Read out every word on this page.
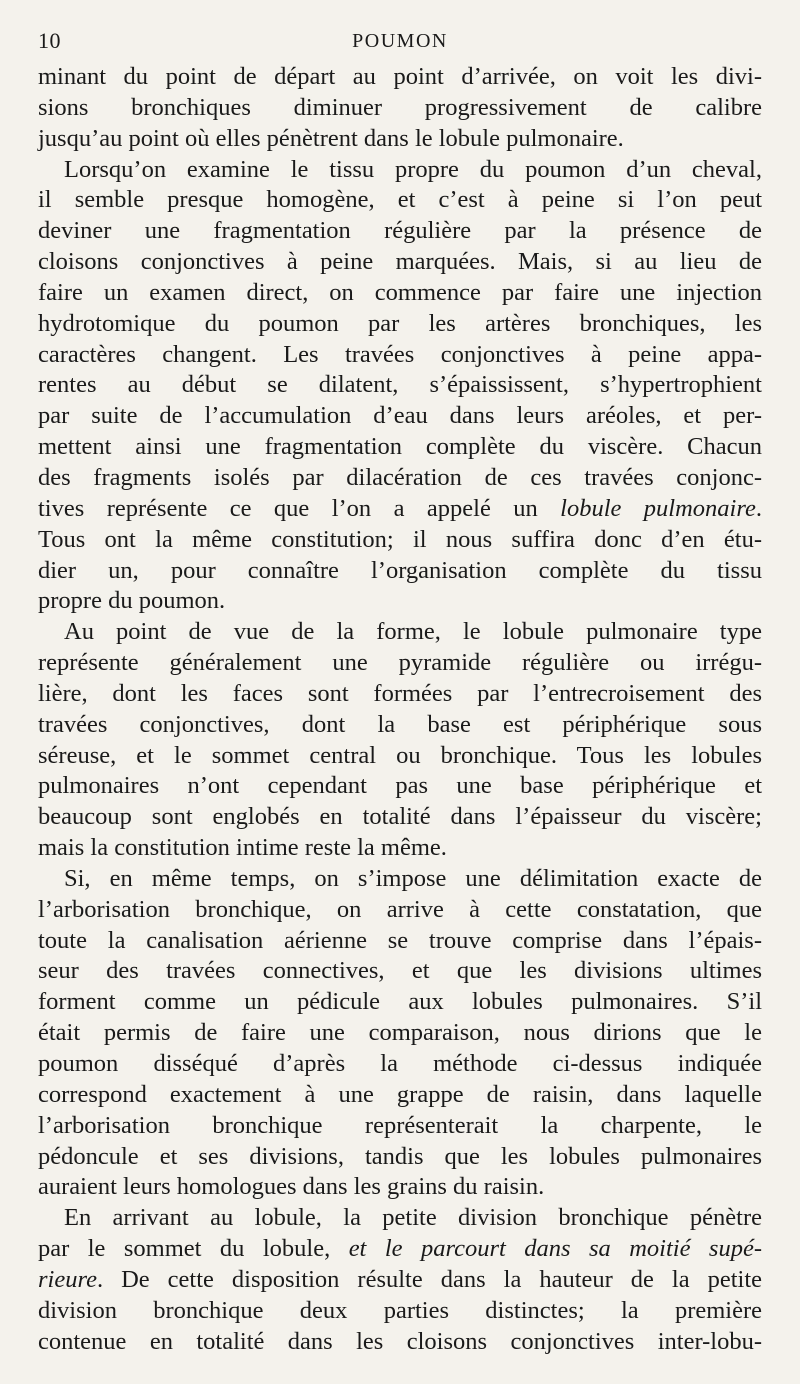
10	POUMON
minant du point de départ au point d’arrivée, on voit les divi-
sions bronchiques diminuer progressivement de calibre
jusqu’au point où elles pénètrent dans le lobule pulmonaire.
Lorsqu’on examine le tissu propre du poumon d’un cheval,
il semble presque homogène, et c’est à peine si l’on peut
deviner une fragmentation régulière par la présence de
cloisons conjonctives à peine marquées. Mais, si au lieu de
faire un examen direct, on commence par faire une injection
hydrotomique du poumon par les artères bronchiques, les
caractères changent. Les travées conjonctives à peine appa-
rentes au début se dilatent, s’épaississent, s’hypertrophient
par suite de l’accumulation d’eau dans leurs aréoles, et per-
mettent ainsi une fragmentation complète du viscère. Chacun
des fragments isolés par dilacération de ces travées conjonc-
tives représente ce que l’on a appelé un lobule pulmonaire.
Tous ont la même constitution; il nous suffira donc d’en étu-
dier un, pour connaître l’organisation complète du tissu
propre du poumon.
Au point de vue de la forme, le lobule pulmonaire type
représente généralement une pyramide régulière ou irrégu-
lière, dont les faces sont formées par l’entrecroisement des
travées conjonctives, dont la base est périphérique sous
séreuse, et le sommet central ou bronchique. Tous les lobules
pulmonaires n’ont cependant pas une base périphérique et
beaucoup sont englobés en totalité dans l’épaisseur du viscère;
mais la constitution intime reste la même.
Si, en même temps, on s’impose une délimitation exacte de
l’arborisation bronchique, on arrive à cette constatation, que
toute la canalisation aérienne se trouve comprise dans l’épais-
seur des travées connectives, et que les divisions ultimes
forment comme un pédicule aux lobules pulmonaires. S’il
était permis de faire une comparaison, nous dirions que le
poumon disséqué d’après la méthode ci-dessus indiquée
correspond exactement à une grappe de raisin, dans laquelle
l’arborisation bronchique représenterait la charpente, le
pédoncule et ses divisions, tandis que les lobules pulmonaires
auraient leurs homologues dans les grains du raisin.
En arrivant au lobule, la petite division bronchique pénètre
par le sommet du lobule, et le parcourt dans sa moitié supé-
rieure. De cette disposition résulte dans la hauteur de la petite
division bronchique deux parties distinctes; la première
contenue en totalité dans les cloisons conjonctives inter-lobu-
